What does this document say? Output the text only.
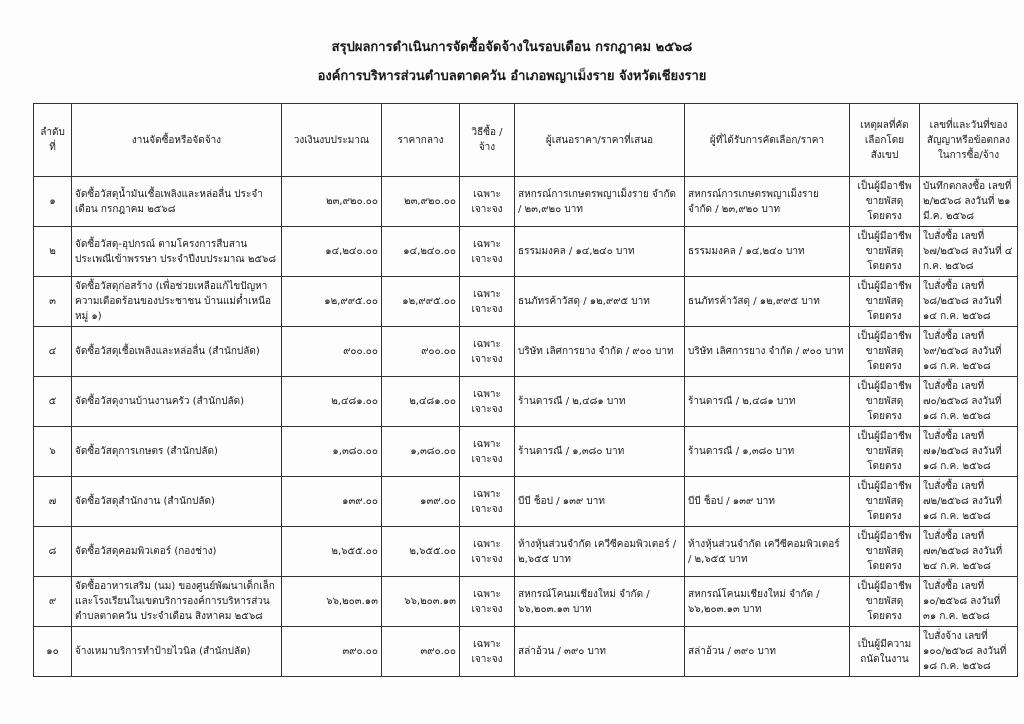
สรุปผลการดำเนินการจัดซื้อจัดจ้างในรอบเดือน กรกฎาคม ๒๕๖๘
องค์การบริหารส่วนตำบลตาดควัน อำเภอพญาเม็งราย จังหวัดเชียงราย
ลำดับที่	งานจัดซื้อหรือจัดจ้าง	วงเงินงบประมาณ	ราคากลาง	วิธีซื้อ / จ้าง	ผู้เสนอราคา/ราคาที่เสนอ	ผู้ที่ได้รับการคัดเลือก/ราคา	เหตุผลที่คัดเลือกโดยสังเขป	เลขที่และวันที่ของสัญญาหรือข้อตกลงในการซื้อ/จ้าง
๑	จัดซื้อวัสดุน้ำมันเชื้อเพลิงและหล่อลื่น ประจำเดือน กรกฎาคม ๒๕๖๘	๒๓,๙๒๐.๐๐	๒๓,๙๒๐.๐๐	เฉพาะเจาะจง	สหกรณ์การเกษตรพญาเม็งราย จำกัด / ๒๓,๙๒๐ บาท	สหกรณ์การเกษตรพญาเม็งราย จำกัด / ๒๓,๙๒๐ บาท	เป็นผู้มีอาชีพขายพัสดุโดยตรง	บันทึกตกลงซื้อ เลขที่ ๒/๒๕๖๘ ลงวันที่ ๒๑ มี.ค. ๒๕๖๘
๒	จัดซื้อวัสดุ-อุปกรณ์ ตามโครงการสืบสานประเพณีเข้าพรรษา ประจำปีงบประมาณ ๒๕๖๘	๑๔,๒๔๐.๐๐	๑๔,๒๔๐.๐๐	เฉพาะเจาะจง	ธรรมมงคล / ๑๔,๒๔๐ บาท	ธรรมมงคล / ๑๔,๒๔๐ บาท	เป็นผู้มีอาชีพขายพัสดุโดยตรง	ใบสั่งซื้อ เลขที่ ๖๗/๒๕๖๘ ลงวันที่ ๔ ก.ค. ๒๕๖๘
๓	จัดซื้อวัสดุก่อสร้าง (เพื่อช่วยเหลือแก้ไขปัญหาความเดือดร้อนของประชาชน บ้านแม่ต๋ำเหนือ หมู่ ๑)	๑๒,๙๙๕.๐๐	๑๒,๙๙๕.๐๐	เฉพาะเจาะจง	ธนภัทรค้าวัสดุ / ๑๒,๙๙๕ บาท	ธนภัทรค้าวัสดุ / ๑๒,๙๙๕ บาท	เป็นผู้มีอาชีพขายพัสดุโดยตรง	ใบสั่งซื้อ เลขที่ ๖๘/๒๕๖๘ ลงวันที่ ๑๔ ก.ค. ๒๕๖๘
๔	จัดซื้อวัสดุเชื้อเพลิงและหล่อลื่น (สำนักปลัด)	๙๐๐.๐๐	๙๐๐.๐๐	เฉพาะเจาะจง	บริษัท เลิศการยาง จำกัด / ๙๐๐ บาท	บริษัท เลิศการยาง จำกัด / ๙๐๐ บาท	เป็นผู้มีอาชีพขายพัสดุโดยตรง	ใบสั่งซื้อ เลขที่ ๖๙/๒๕๖๘ ลงวันที่ ๑๘ ก.ค. ๒๕๖๘
๕	จัดซื้อวัสดุงานบ้านงานครัว (สำนักปลัด)	๒,๔๘๑.๐๐	๒,๔๘๑.๐๐	เฉพาะเจาะจง	ร้านดารณี / ๒,๔๘๑ บาท	ร้านดารณี / ๒,๔๘๑ บาท	เป็นผู้มีอาชีพขายพัสดุโดยตรง	ใบสั่งซื้อ เลขที่ ๗๐/๒๕๖๘ ลงวันที่ ๑๘ ก.ค. ๒๕๖๘
๖	จัดซื้อวัสดุการเกษตร (สำนักปลัด)	๑,๓๘๐.๐๐	๑,๓๘๐.๐๐	เฉพาะเจาะจง	ร้านดารณี / ๑,๓๘๐ บาท	ร้านดารณี / ๑,๓๘๐ บาท	เป็นผู้มีอาชีพขายพัสดุโดยตรง	ใบสั่งซื้อ เลขที่ ๗๑/๒๕๖๘ ลงวันที่ ๑๘ ก.ค. ๒๕๖๘
๗	จัดซื้อวัสดุสำนักงาน (สำนักปลัด)	๑๓๙.๐๐	๑๓๙.๐๐	เฉพาะเจาะจง	บีบี ช็อป / ๑๓๙ บาท	บีบี ช็อป / ๑๓๙ บาท	เป็นผู้มีอาชีพขายพัสดุโดยตรง	ใบสั่งซื้อ เลขที่ ๗๒/๒๕๖๘ ลงวันที่ ๑๘ ก.ค. ๒๕๖๘
๘	จัดซื้อวัสดุคอมพิวเตอร์ (กองช่าง)	๒,๖๕๕.๐๐	๒,๖๕๕.๐๐	เฉพาะเจาะจง	ห้างหุ้นส่วนจำกัด เควีซีคอมพิวเตอร์ / ๒,๖๕๕ บาท	ห้างหุ้นส่วนจำกัด เควีซีคอมพิวเตอร์ / ๒,๖๕๕ บาท	เป็นผู้มีอาชีพขายพัสดุโดยตรง	ใบสั่งซื้อ เลขที่ ๗๓/๒๕๖๘ ลงวันที่ ๒๔ ก.ค. ๒๕๖๘
๙	จัดซื้ออาหารเสริม (นม) ของศูนย์พัฒนาเด็กเล็กและโรงเรียนในเขตบริการองค์การบริหารส่วนตำบลตาดควัน ประจำเดือน สิงหาคม ๒๕๖๘	๖๖,๒๐๓.๑๓	๖๖,๒๐๓.๑๓	เฉพาะเจาะจง	สหกรณ์โคนมเชียงใหม่ จำกัด / ๖๖,๒๐๓.๑๓ บาท	สหกรณ์โคนมเชียงใหม่ จำกัด / ๖๖,๒๐๓.๑๓ บาท	เป็นผู้มีอาชีพขายพัสดุโดยตรง	ใบสั่งซื้อ เลขที่ ๑๐/๒๕๖๘ ลงวันที่ ๓๑ ก.ค. ๒๕๖๘
๑๐	จ้างเหมาบริการทำป้ายไวนิล (สำนักปลัด)	๓๙๐.๐๐	๓๙๐.๐๐	เฉพาะเจาะจง	สล่าอ้วน / ๓๙๐ บาท	สล่าอ้วน / ๓๙๐ บาท	เป็นผู้มีความถนัดในงาน	ใบสั่งจ้าง เลขที่ ๑๐๐/๒๕๖๘ ลงวันที่ ๑๘ ก.ค. ๒๕๖๘
